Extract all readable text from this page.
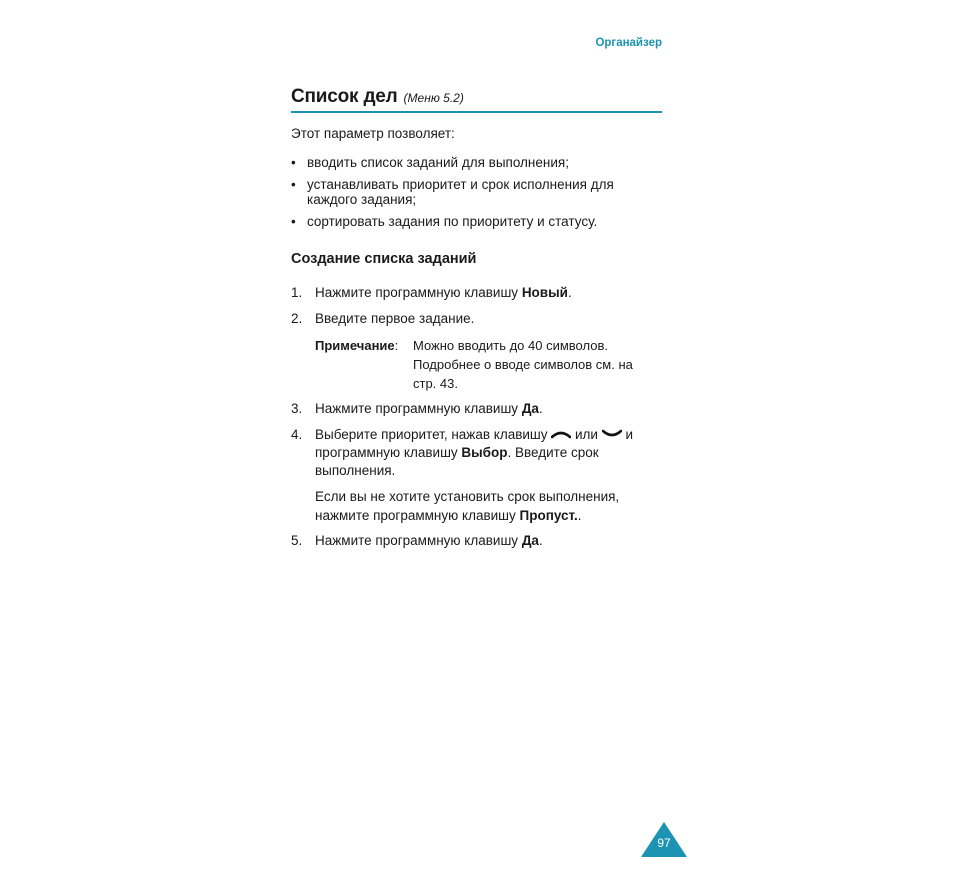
Органайзер
Список дел (Меню 5.2)
Этот параметр позволяет:
• вводить список заданий для выполнения;
• устанавливать приоритет и срок исполнения для каждого задания;
• сортировать задания по приоритету и статусу.
Создание списка заданий
1. Нажмите программную клавишу Новый.
2. Введите первое задание.
Примечание: Можно вводить до 40 символов.
Подробнее о вводе символов см. на
стр. 43.
3. Нажмите программную клавишу Да.
4. Выберите приоритет, нажав клавишу  или  и
программную клавишу Выбор. Введите срок
выполнения.
Если вы не хотите установить срок выполнения,
нажмите программную клавишу Пропуст..
5. Нажмите программную клавишу Да.
97
